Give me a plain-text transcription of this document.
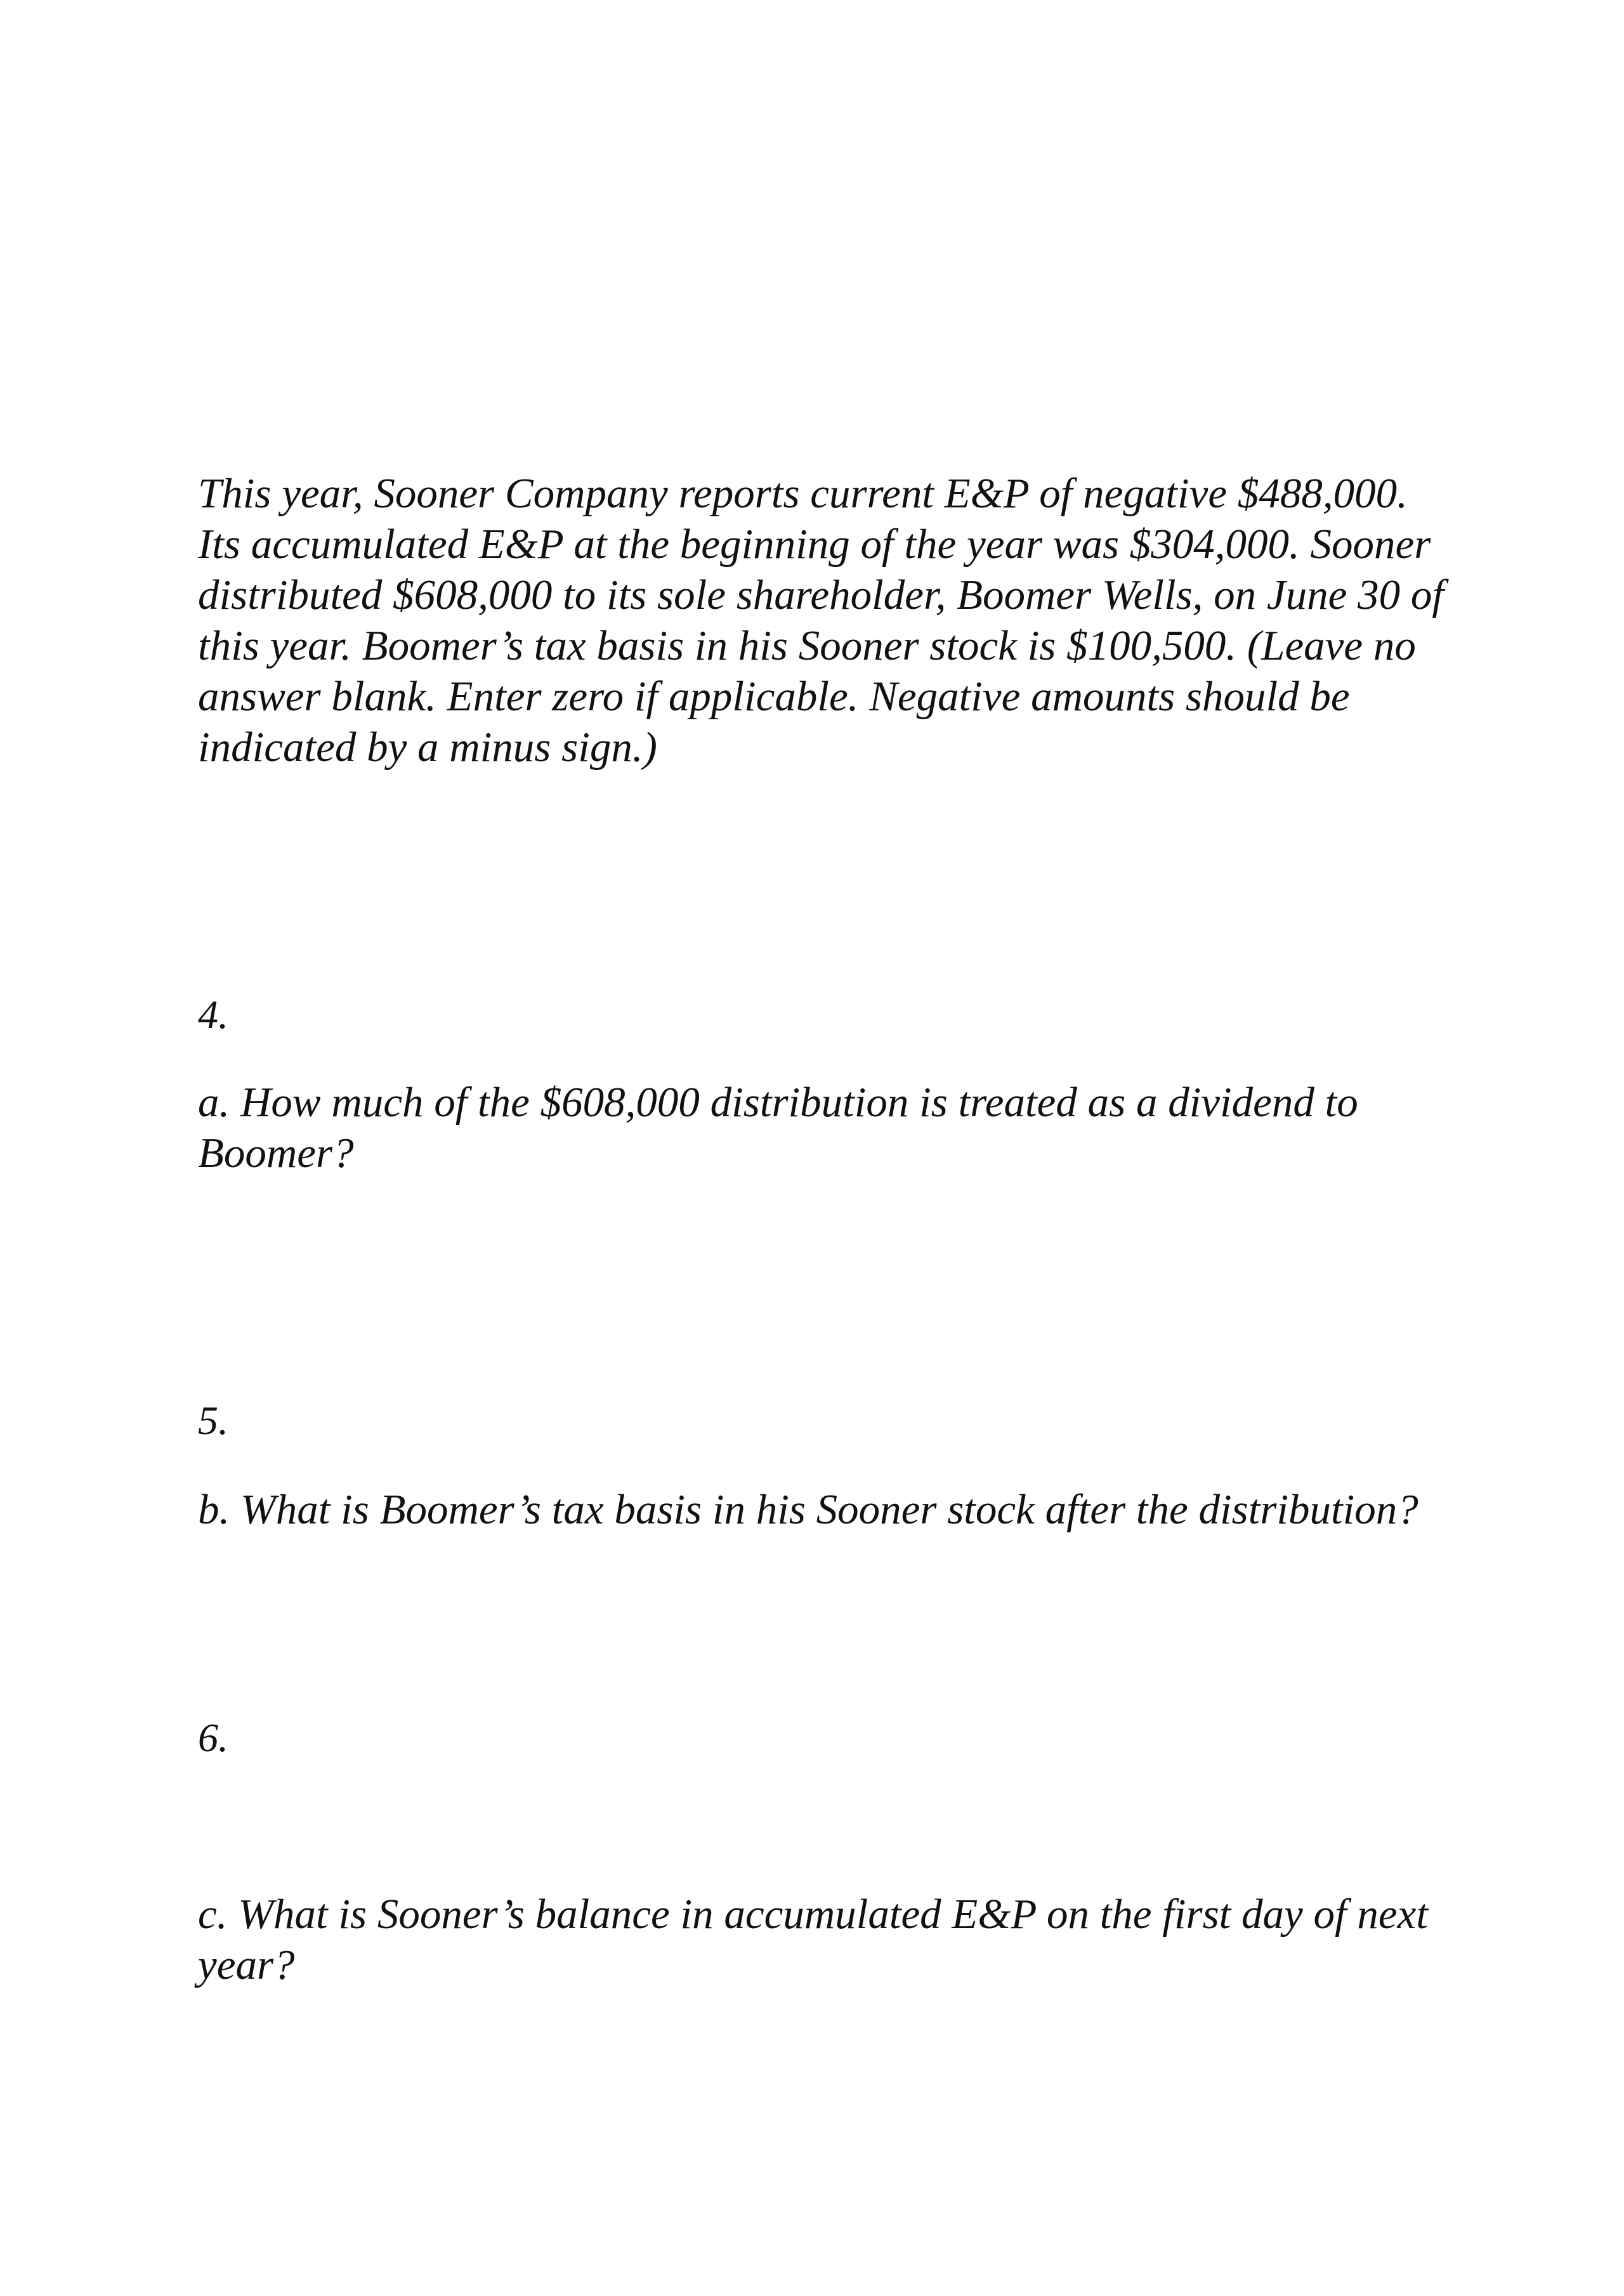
This year, Sooner Company reports current E&P of negative $488,000. Its accumulated E&P at the beginning of the year was $304,000. Sooner distributed $608,000 to its sole shareholder, Boomer Wells, on June 30 of this year. Boomer’s tax basis in his Sooner stock is $100,500. (Leave no answer blank. Enter zero if applicable. Negative amounts should be indicated by a minus sign.)

4.

a. How much of the $608,000 distribution is treated as a dividend to Boomer?

5.

b. What is Boomer’s tax basis in his Sooner stock after the distribution?

6.

c. What is Sooner’s balance in accumulated E&P on the first day of next year?
